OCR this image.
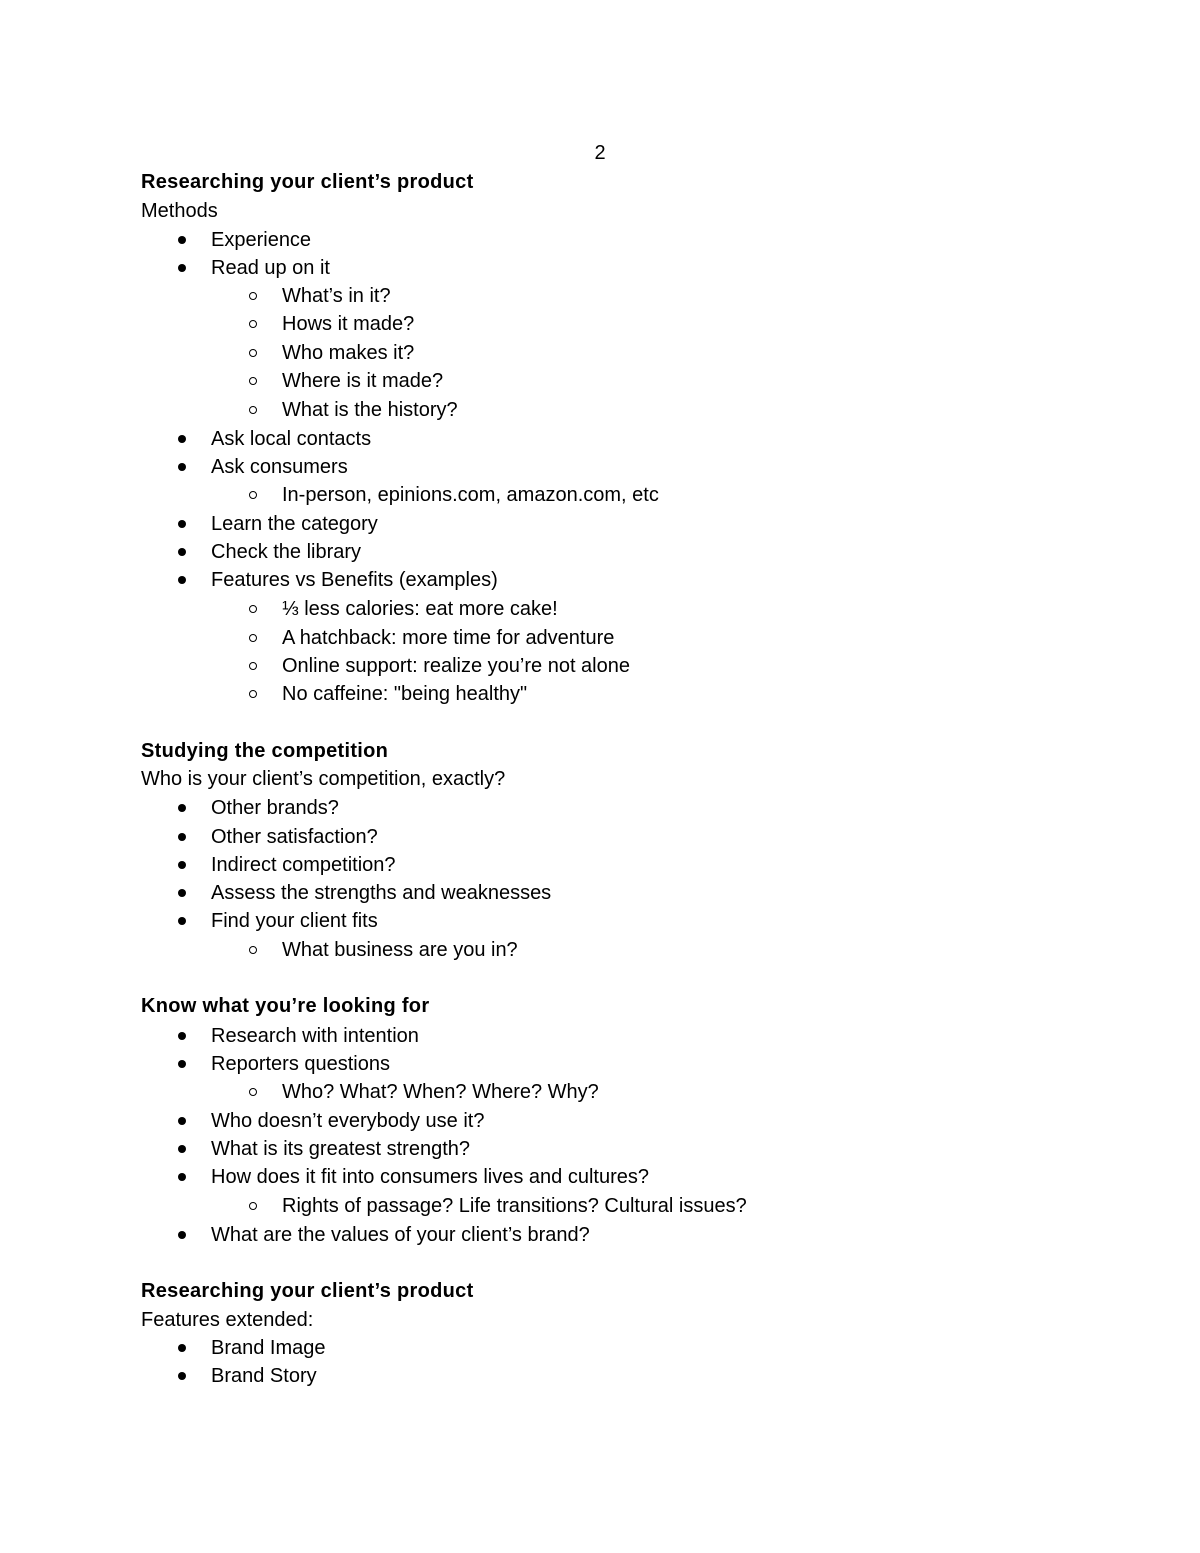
2

Researching your client’s product
Methods
Experience
Read up on it
What’s in it?
Hows it made?
Who makes it?
Where is it made?
What is the history?
Ask local contacts
Ask consumers
In-person, epinions.com, amazon.com, etc
Learn the category
Check the library
Features vs Benefits (examples)
⅓ less calories: eat more cake!
A hatchback: more time for adventure
Online support: realize you’re not alone
No caffeine: "being healthy"
Studying the competition
Who is your client’s competition, exactly?
Other brands?
Other satisfaction?
Indirect competition?
Assess the strengths and weaknesses
Find your client fits
What business are you in?
Know what you’re looking for
Research with intention
Reporters questions
Who? What? When? Where? Why?
Who doesn’t everybody use it?
What is its greatest strength?
How does it fit into consumers lives and cultures?
Rights of passage? Life transitions? Cultural issues?
What are the values of your client’s brand?
Researching your client’s product
Features extended:
Brand Image
Brand Story
